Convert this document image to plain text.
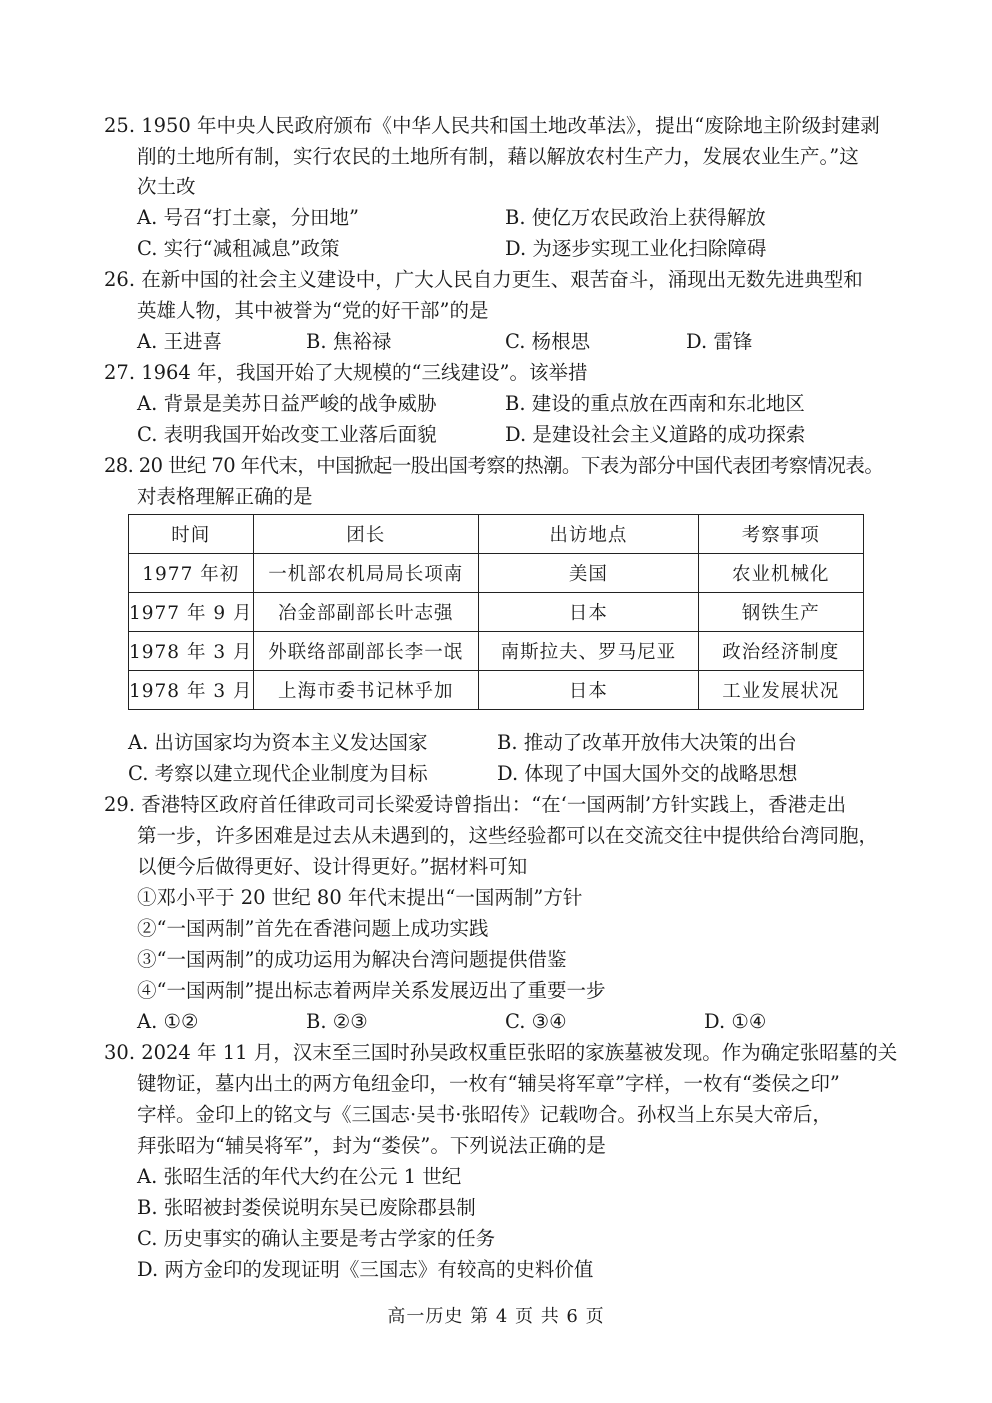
25. 1950 年中央人民政府颁布《中华人民共和国土地改革法》，提出“废除地主阶级封建剥
削的土地所有制，实行农民的土地所有制，藉以解放农村生产力，发展农业生产。”这
次土改
A. 号召“打土豪，分田地”	B. 使亿万农民政治上获得解放
C. 实行“减租减息”政策	D. 为逐步实现工业化扫除障碍
26. 在新中国的社会主义建设中，广大人民自力更生、艰苦奋斗，涌现出无数先进典型和
英雄人物，其中被誉为“党的好干部”的是
A. 王进喜	B. 焦裕禄	C. 杨根思	D. 雷锋
27. 1964 年，我国开始了大规模的“三线建设”。该举措
A. 背景是美苏日益严峻的战争威胁	B. 建设的重点放在西南和东北地区
C. 表明我国开始改变工业落后面貌	D. 是建设社会主义道路的成功探索
28. 20 世纪 70 年代末，中国掀起一股出国考察的热潮。下表为部分中国代表团考察情况表。
对表格理解正确的是
时间	团长	出访地点	考察事项
1977 年初	一机部农机局局长项南	美国	农业机械化
1977 年 9 月	冶金部副部长叶志强	日本	钢铁生产
1978 年 3 月	外联络部副部长李一氓	南斯拉夫、罗马尼亚	政治经济制度
1978 年 3 月	上海市委书记林乎加	日本	工业发展状况
A. 出访国家均为资本主义发达国家	B. 推动了改革开放伟大决策的出台
C. 考察以建立现代企业制度为目标	D. 体现了中国大国外交的战略思想
29. 香港特区政府首任律政司司长梁爱诗曾指出：“在‘一国两制’方针实践上，香港走出
第一步，许多困难是过去从未遇到的，这些经验都可以在交流交往中提供给台湾同胞，
以便今后做得更好、设计得更好。”据材料可知
①邓小平于 20 世纪 80 年代末提出“一国两制”方针
②“一国两制”首先在香港问题上成功实践
③“一国两制”的成功运用为解决台湾问题提供借鉴
④“一国两制”提出标志着两岸关系发展迈出了重要一步
A. ①②	B. ②③	C. ③④	D. ①④
30. 2024 年 11 月，汉末至三国时孙吴政权重臣张昭的家族墓被发现。作为确定张昭墓的关
键物证，墓内出土的两方龟纽金印，一枚有“辅吴将军章”字样，一枚有“娄侯之印”
字样。金印上的铭文与《三国志·吴书·张昭传》记载吻合。孙权当上东吴大帝后，
拜张昭为“辅吴将军”，封为“娄侯”。下列说法正确的是
A. 张昭生活的年代大约在公元 1 世纪
B. 张昭被封娄侯说明东吴已废除郡县制
C. 历史事实的确认主要是考古学家的任务
D. 两方金印的发现证明《三国志》有较高的史料价值
高一历史 第 4 页 共 6 页
